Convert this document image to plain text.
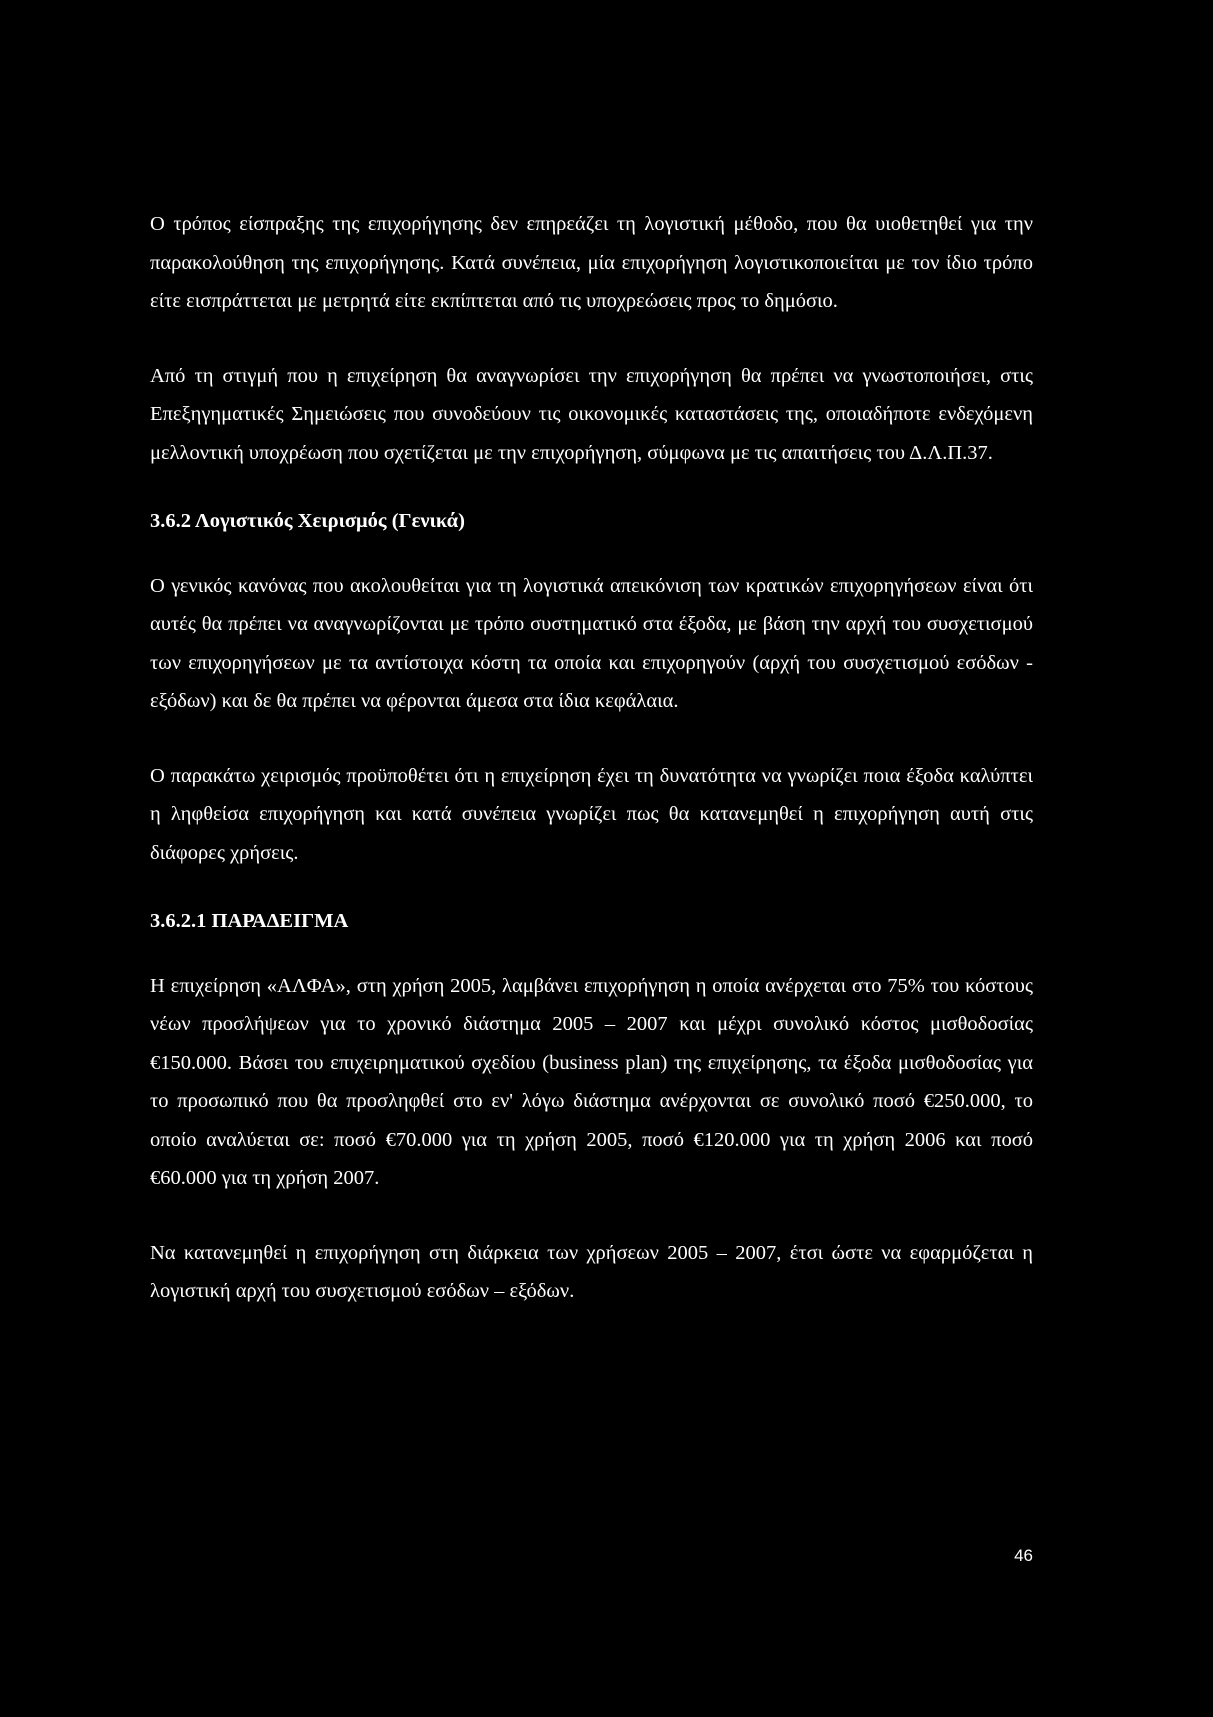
Ο τρόπος είσπραξης της επιχορήγησης δεν επηρεάζει τη λογιστική μέθοδο, που θα υιοθετηθεί για την παρακολούθηση της επιχορήγησης. Κατά συνέπεια, μία επιχορήγηση λογιστικοποιείται με τον ίδιο τρόπο είτε εισπράττεται με μετρητά είτε εκπίπτεται από τις υποχρεώσεις προς το δημόσιο.

Από τη στιγμή που η επιχείρηση θα αναγνωρίσει την επιχορήγηση θα πρέπει να γνωστοποιήσει, στις Επεξηγηματικές Σημειώσεις που συνοδεύουν τις οικονομικές καταστάσεις της, οποιαδήποτε ενδεχόμενη μελλοντική υποχρέωση που σχετίζεται με την επιχορήγηση, σύμφωνα με τις απαιτήσεις του Δ.Λ.Π.37.

3.6.2 Λογιστικός Χειρισμός (Γενικά)

Ο γενικός κανόνας που ακολουθείται για τη λογιστικά απεικόνιση των κρατικών επιχορηγήσεων είναι ότι αυτές θα πρέπει να αναγνωρίζονται με τρόπο συστηματικό στα έξοδα, με βάση την αρχή του συσχετισμού των επιχορηγήσεων με τα αντίστοιχα κόστη τα οποία και επιχορηγούν (αρχή του συσχετισμού εσόδων - εξόδων) και δε θα πρέπει να φέρονται άμεσα στα ίδια κεφάλαια.

Ο παρακάτω χειρισμός προϋποθέτει ότι η επιχείρηση έχει τη δυνατότητα να γνωρίζει ποια έξοδα καλύπτει η ληφθείσα επιχορήγηση και κατά συνέπεια γνωρίζει πως θα κατανεμηθεί η επιχορήγηση αυτή στις διάφορες χρήσεις.

3.6.2.1 ΠΑΡΑΔΕΙΓΜΑ

Η επιχείρηση «ΑΛΦΑ», στη χρήση 2005, λαμβάνει επιχορήγηση η οποία ανέρχεται στο 75% του κόστους νέων προσλήψεων για το χρονικό διάστημα 2005 – 2007 και μέχρι συνολικό κόστος μισθοδοσίας €150.000. Βάσει του επιχειρηματικού σχεδίου (business plan) της επιχείρησης, τα έξοδα μισθοδοσίας για το προσωπικό που θα προσληφθεί στο εν' λόγω διάστημα ανέρχονται σε συνολικό ποσό €250.000, το οποίο αναλύεται σε: ποσό €70.000 για τη χρήση 2005, ποσό €120.000 για τη χρήση 2006 και ποσό €60.000 για τη χρήση 2007.

Να κατανεμηθεί η επιχορήγηση στη διάρκεια των χρήσεων 2005 – 2007, έτσι ώστε να εφαρμόζεται η λογιστική αρχή του συσχετισμού εσόδων – εξόδων.

46
